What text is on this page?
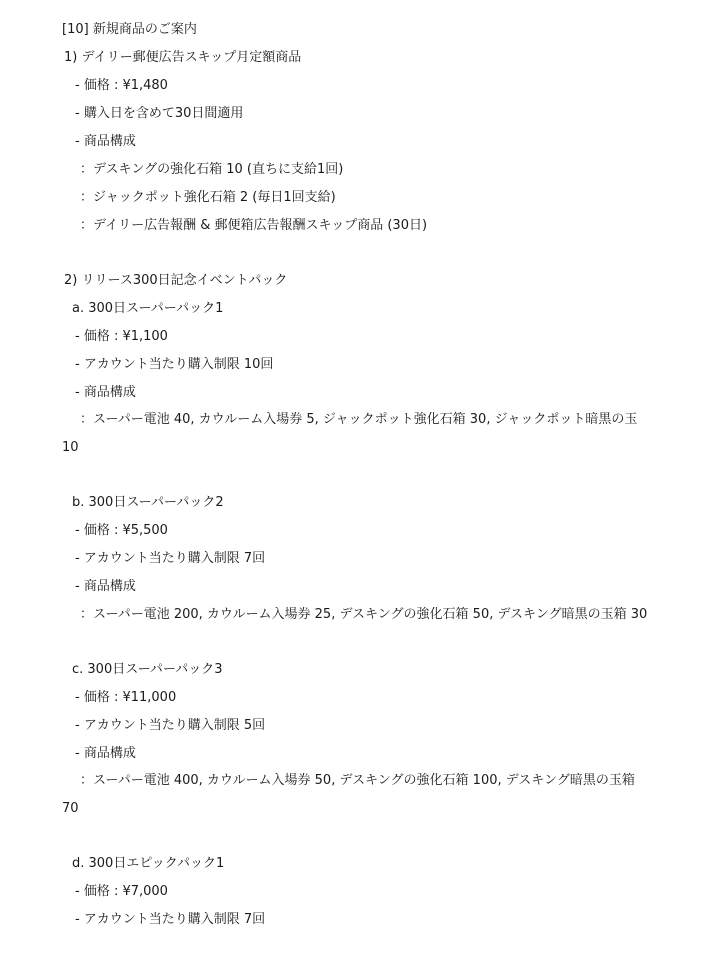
[10] 新規商品のご案内
1) デイリー郵便広告スキップ月定額商品
- 価格 : ¥1,480
- 購入日を含めて30日間適用
- 商品構成
：デスキングの強化石箱 10 (直ちに支給1回)
：ジャックポット強化石箱 2 (毎日1回支給)
：デイリー広告報酬 & 郵便箱広告報酬スキップ商品 (30日)
2) リリース300日記念イベントパック
a. 300日スーパーパック1
- 価格 : ¥1,100
- アカウント当たり購入制限 10回
- 商品構成
：スーパー電池 40, カウルーム入場券 5, ジャックポット強化石箱 30, ジャックポット暗黒の玉
10
b. 300日スーパーパック2
- 価格 : ¥5,500
- アカウント当たり購入制限 7回
- 商品構成
：スーパー電池 200, カウルーム入場券 25, デスキングの強化石箱 50, デスキング暗黒の玉箱 30
c. 300日スーパーパック3
- 価格 : ¥11,000
- アカウント当たり購入制限 5回
- 商品構成
：スーパー電池 400, カウルーム入場券 50, デスキングの強化石箱 100, デスキング暗黒の玉箱
70
d. 300日エピックパック1
- 価格 : ¥7,000
- アカウント当たり購入制限 7回
